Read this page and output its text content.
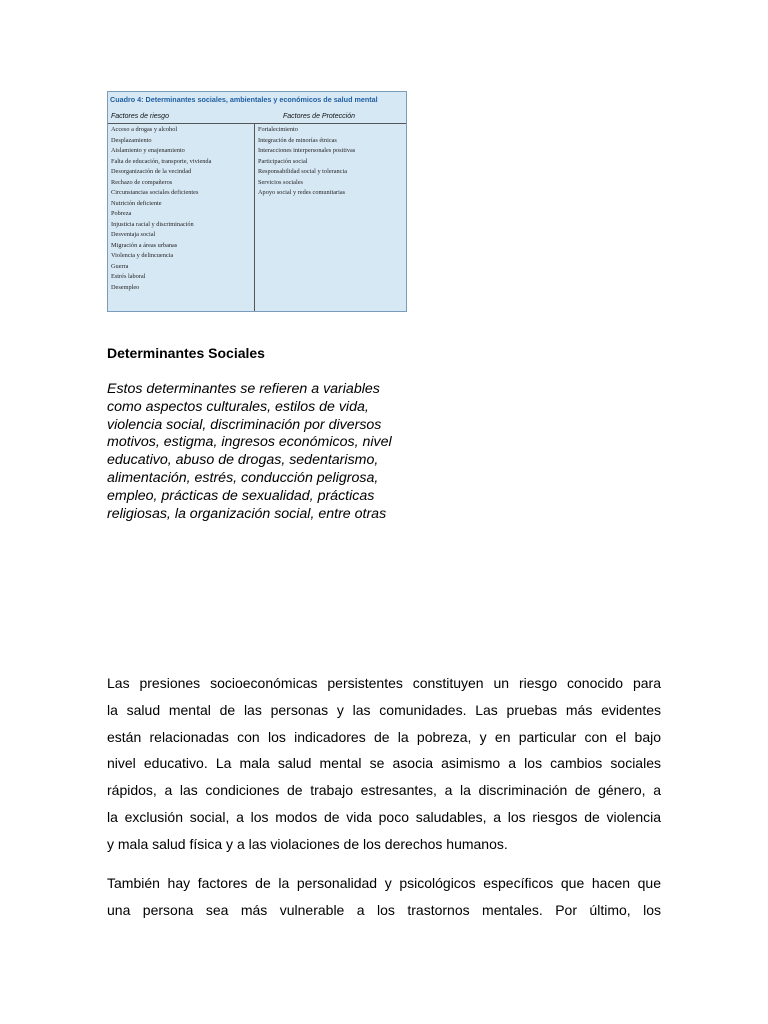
Cuadro 4: Determinantes sociales, ambientales y económicos de salud mental
Factores de riesgo	Factores de Protección
Acceso a drogas y alcohol
Desplazamiento
Aislamiento y enajenamiento
Falta de educación, transporte, vivienda
Desorganización de la vecindad
Rechazo de compañeros
Circunstancias sociales deficientes
Nutrición deficiente
Pobreza
Injusticia racial y discriminación
Desventaja social
Migración a áreas urbanas
Violencia y delincuencia
Guerra
Estrés laboral
Desempleo
Fortalecimiento
Integración de minorías étnicas
Interacciones interpersonales positivas
Participación social
Responsabilidad social y tolerancia
Servicios sociales
Apoyo social y redes comunitarias
Determinantes Sociales

Estos determinantes se refieren a variables
como aspectos culturales, estilos de vida,
violencia social, discriminación por diversos
motivos, estigma, ingresos económicos, nivel
educativo, abuso de drogas, sedentarismo,
alimentación, estrés, conducción peligrosa,
empleo, prácticas de sexualidad, prácticas
religiosas, la organización social, entre otras

Las presiones socioeconómicas persistentes constituyen un riesgo conocido para
la salud mental de las personas y las comunidades. Las pruebas más evidentes
están relacionadas con los indicadores de la pobreza, y en particular con el bajo
nivel educativo. La mala salud mental se asocia asimismo a los cambios sociales
rápidos, a las condiciones de trabajo estresantes, a la discriminación de género, a
la exclusión social, a los modos de vida poco saludables, a los riesgos de violencia
y mala salud física y a las violaciones de los derechos humanos.

También hay factores de la personalidad y psicológicos específicos que hacen que
una persona sea más vulnerable a los trastornos mentales. Por último, los
